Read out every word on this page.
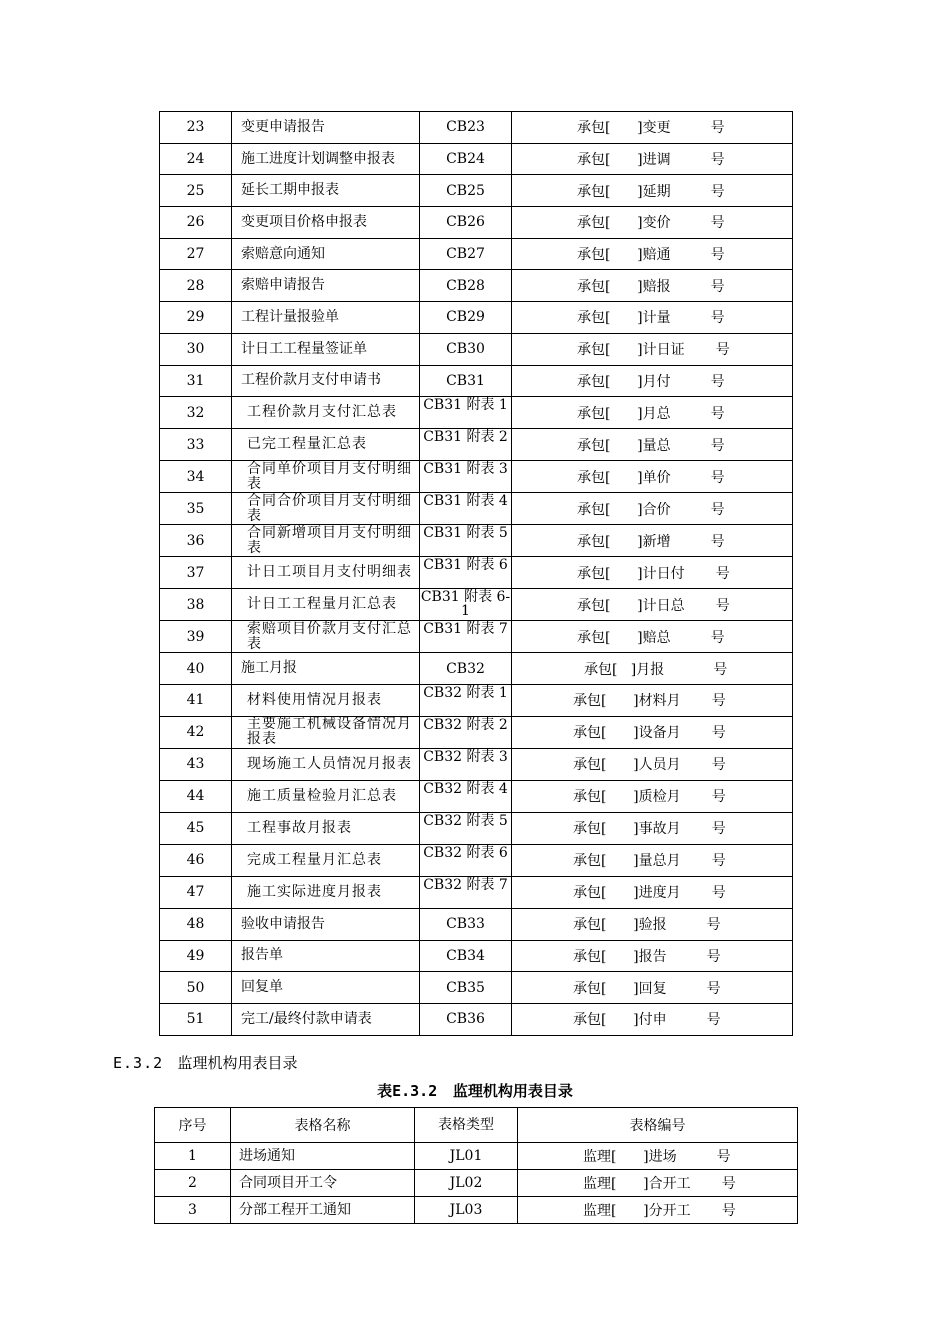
23	变更申请报告	CB23	承包[      ]变更         号
24	施工进度计划调整申报表	CB24	承包[      ]进调         号
25	延长工期申报表	CB25	承包[      ]延期         号
26	变更项目价格申报表	CB26	承包[      ]变价         号
27	索赔意向通知	CB27	承包[      ]赔通         号
28	索赔申请报告	CB28	承包[      ]赔报         号
29	工程计量报验单	CB29	承包[      ]计量         号
30	计日工工程量签证单	CB30	承包[      ]计日证       号
31	工程价款月支付申请书	CB31	承包[      ]月付         号
32	工程价款月支付汇总表	CB31 附表 1	承包[      ]月总         号
33	已完工程量汇总表	CB31 附表 2	承包[      ]量总         号
34	合同单价项目月支付明细表	CB31 附表 3	承包[      ]单价         号
35	合同合价项目月支付明细表	CB31 附表 4	承包[      ]合价         号
36	合同新增项目月支付明细表	CB31 附表 5	承包[      ]新增         号
37	计日工项目月支付明细表	CB31 附表 6	承包[      ]计日付       号
38	计日工工程量月汇总表	CB31 附表 6-1	承包[      ]计日总       号
39	索赔项目价款月支付汇总表	CB31 附表 7	承包[      ]赔总         号
40	施工月报	CB32	承包[   ]月报           号
41	材料使用情况月报表	CB32 附表 1	承包[      ]材料月       号
42	主要施工机械设备情况月报表	CB32 附表 2	承包[      ]设备月       号
43	现场施工人员情况月报表	CB32 附表 3	承包[      ]人员月       号
44	施工质量检验月汇总表	CB32 附表 4	承包[      ]质检月       号
45	工程事故月报表	CB32 附表 5	承包[      ]事故月       号
46	完成工程量月汇总表	CB32 附表 6	承包[      ]量总月       号
47	施工实际进度月报表	CB32 附表 7	承包[      ]进度月       号
48	验收申请报告	CB33	承包[      ]验报         号
49	报告单	CB34	承包[      ]报告         号
50	回复单	CB35	承包[      ]回复         号
51	完工/最终付款申请表	CB36	承包[      ]付申         号
E.3.2 监理机构用表目录
表E.3.2 监理机构用表目录
序号	表格名称	表格类型	表格编号
1	进场通知	JL01	监理[      ]进场         号
2	合同项目开工令	JL02	监理[      ]合开工       号
3	分部工程开工通知	JL03	监理[      ]分开工       号
